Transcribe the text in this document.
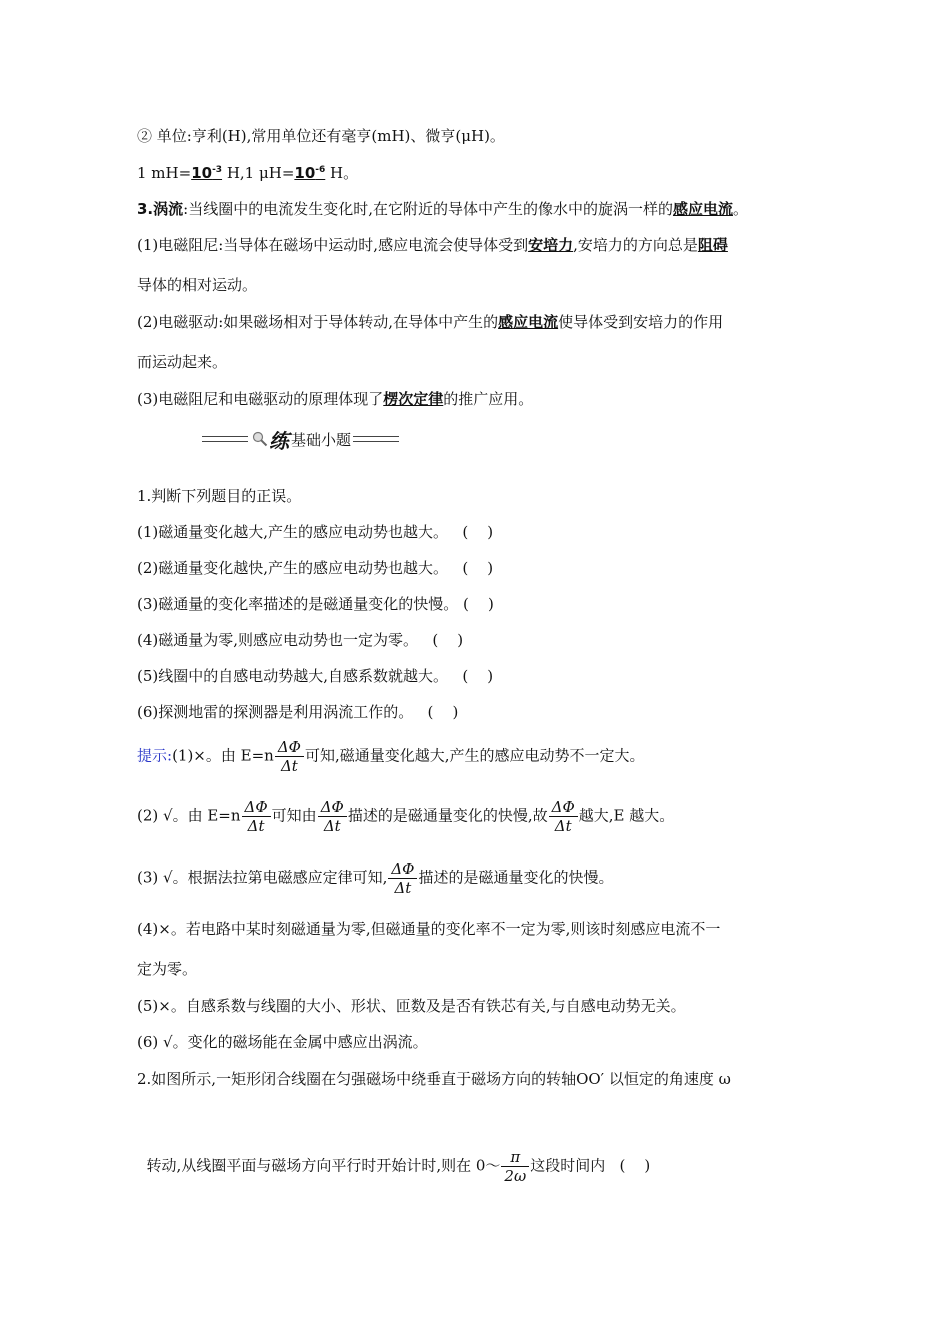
② 单位:亨利(H),常用单位还有毫亨(mH)、微亨(μH)。
1 $mH=10^{-3}$ H,1 $\mu H=10^{-6}$ H。
3.涡流:当线圈中的电流发生变化时,在它附近的导体中产生的像水中的旋涡一样的感应电流。
(1)电磁阻尼:当导体在磁场中运动时,感应电流会使导体受到安培力,安培力的方向总是阻碍
导体的相对运动。
(2)电磁驱动:如果磁场相对于导体转动,在导体中产生的感应电流使导体受到安培力的作用
而运动起来。
(3)电磁阻尼和电磁驱动的原理体现了楞次定律的推广应用。
练 基础小题
1.判断下列题目的正误。
(1)磁通量变化越大,产生的感应电动势也越大。   (    )
(2)磁通量变化越快,产生的感应电动势也越大。   (    )
(3)磁通量的变化率描述的是磁通量变化的快慢。 (    )
(4)磁通量为零,则感应电动势也一定为零。   (    )
(5)线圈中的自感电动势越大,自感系数就越大。   (    )
(6)探测地雷的探测器是利用涡流工作的。   (    )
提示:(1)×。由 $E=n \frac{\Delta\Phi}{\Delta t}$ 可知,磁通量变化越大,产生的感应电动势不一定大。
(2) √。由 $E=n \frac{\Delta\Phi}{\Delta t}$ 可知由 $\frac{\Delta\Phi}{\Delta t}$ 描述的是磁通量变化的快慢,故 $\frac{\Delta\Phi}{\Delta t}$ 越大,E 越大。
(3) √。根据法拉第电磁感应定律可知, $\frac{\Delta\Phi}{\Delta t}$ 描述的是磁通量变化的快慢。
(4)×。若电路中某时刻磁通量为零,但磁通量的变化率不一定为零,则该时刻感应电流不一
定为零。
(5)×。自感系数与线圈的大小、形状、匝数及是否有铁芯有关,与自感电动势无关。
(6) √。变化的磁场能在金属中感应出涡流。
2.如图所示,一矩形闭合线圈在匀强磁场中绕垂直于磁场方向的转轴OO′ 以恒定的角速度 ω

转动,从线圈平面与磁场方向平行时开始计时,则在 0～ $\frac{\pi}{2\omega}$ 这段时间内   (    )
